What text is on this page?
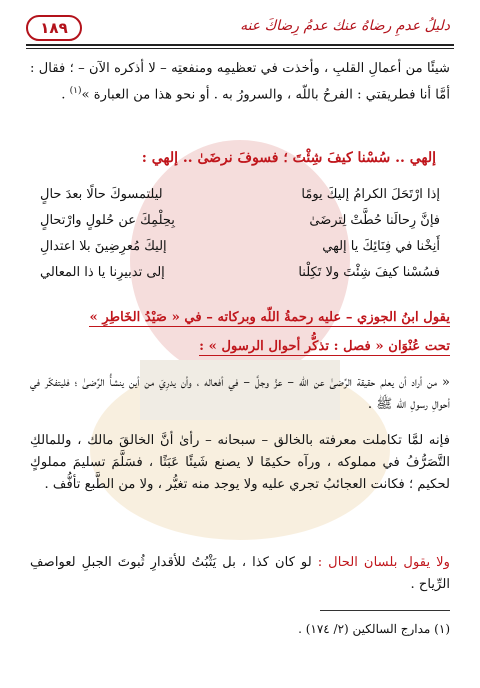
١٨٩	دليلُ عدمِ رضاهُ عنك عدمُ رِضاكَ عنه

شيئًا من أعمالِ القلبِ ، وأخذت في تعظيمِه ومنفعتِه – لا أذكره الآن – ؛ فقال : أمَّا أنا فطريقتي : الفرحُ باللّه ، والسرورُ به . أو نحو هذا من العبارة »$^{(١)}$ .

إلهي .. سُسْنا كيفَ شِئْتَ ؛ فسوفَ نرضَىٰ .. إلهي :
إذا ارْتَحَلَ الكرامُ إليكَ يومًا
ليلتمسوكَ حالًا بعدَ حالٍ
فإنَّ رِحالَنا حُطَّتْ لِترضَىٰ
بِحِلْمِكَ عن حُلولٍ وارْتحالٍ
أَنِخْنا في فِنَائِكَ يا إلهي
إليكَ مُعرِضِينَ بلا اعتدالِ
فسُسْنا كيفَ شِئْتَ ولا تَكِلْنا
إلى تدبيرِنا يا ذا المعالي
يقول ابنُ الجوزي – عليه رحمةُ اللّه وبركاته – في « صَيْدُ الخَاطِرِ »
تحت عُنْوَان « فصل : تذكُّر أحوال الرسول » :

« من أراد أن يعلم حقيقة الرِّضىٰ عن اللّه – عزَّ وجلَّ – في أفعاله ، وأن يدرِيَ من أين ينشأُ الرِّضىٰ ؛ فليتفكّر في أحوالِ رسولِ اللّه ﷺ .

فإنه لمَّا تكاملت معرفته بالخالق – سبحانه – رأىٰ أنَّ الخالقَ مالك ، وللمالكِ التَّصَرُّفُ في مملوكه ، ورآه حكيمًا لا يصنع شَيئًا عَبَثًا ، فسَلَّمَ تسليمَ مملوكٍ لحكيم ؛ فكانت العجائبُ تجري عليه ولا يوجد منه تغيُّر ، ولا من الطَّبع تأفُّف .

ولا يقول بلسان الحال : لو كان كذا ، بل يَثْبُتُ للأقدارِ ثُبوتَ الجبلِ لعواصفِ الرِّياح .

(١) مدارج السالكين (٢/ ١٧٤) .
